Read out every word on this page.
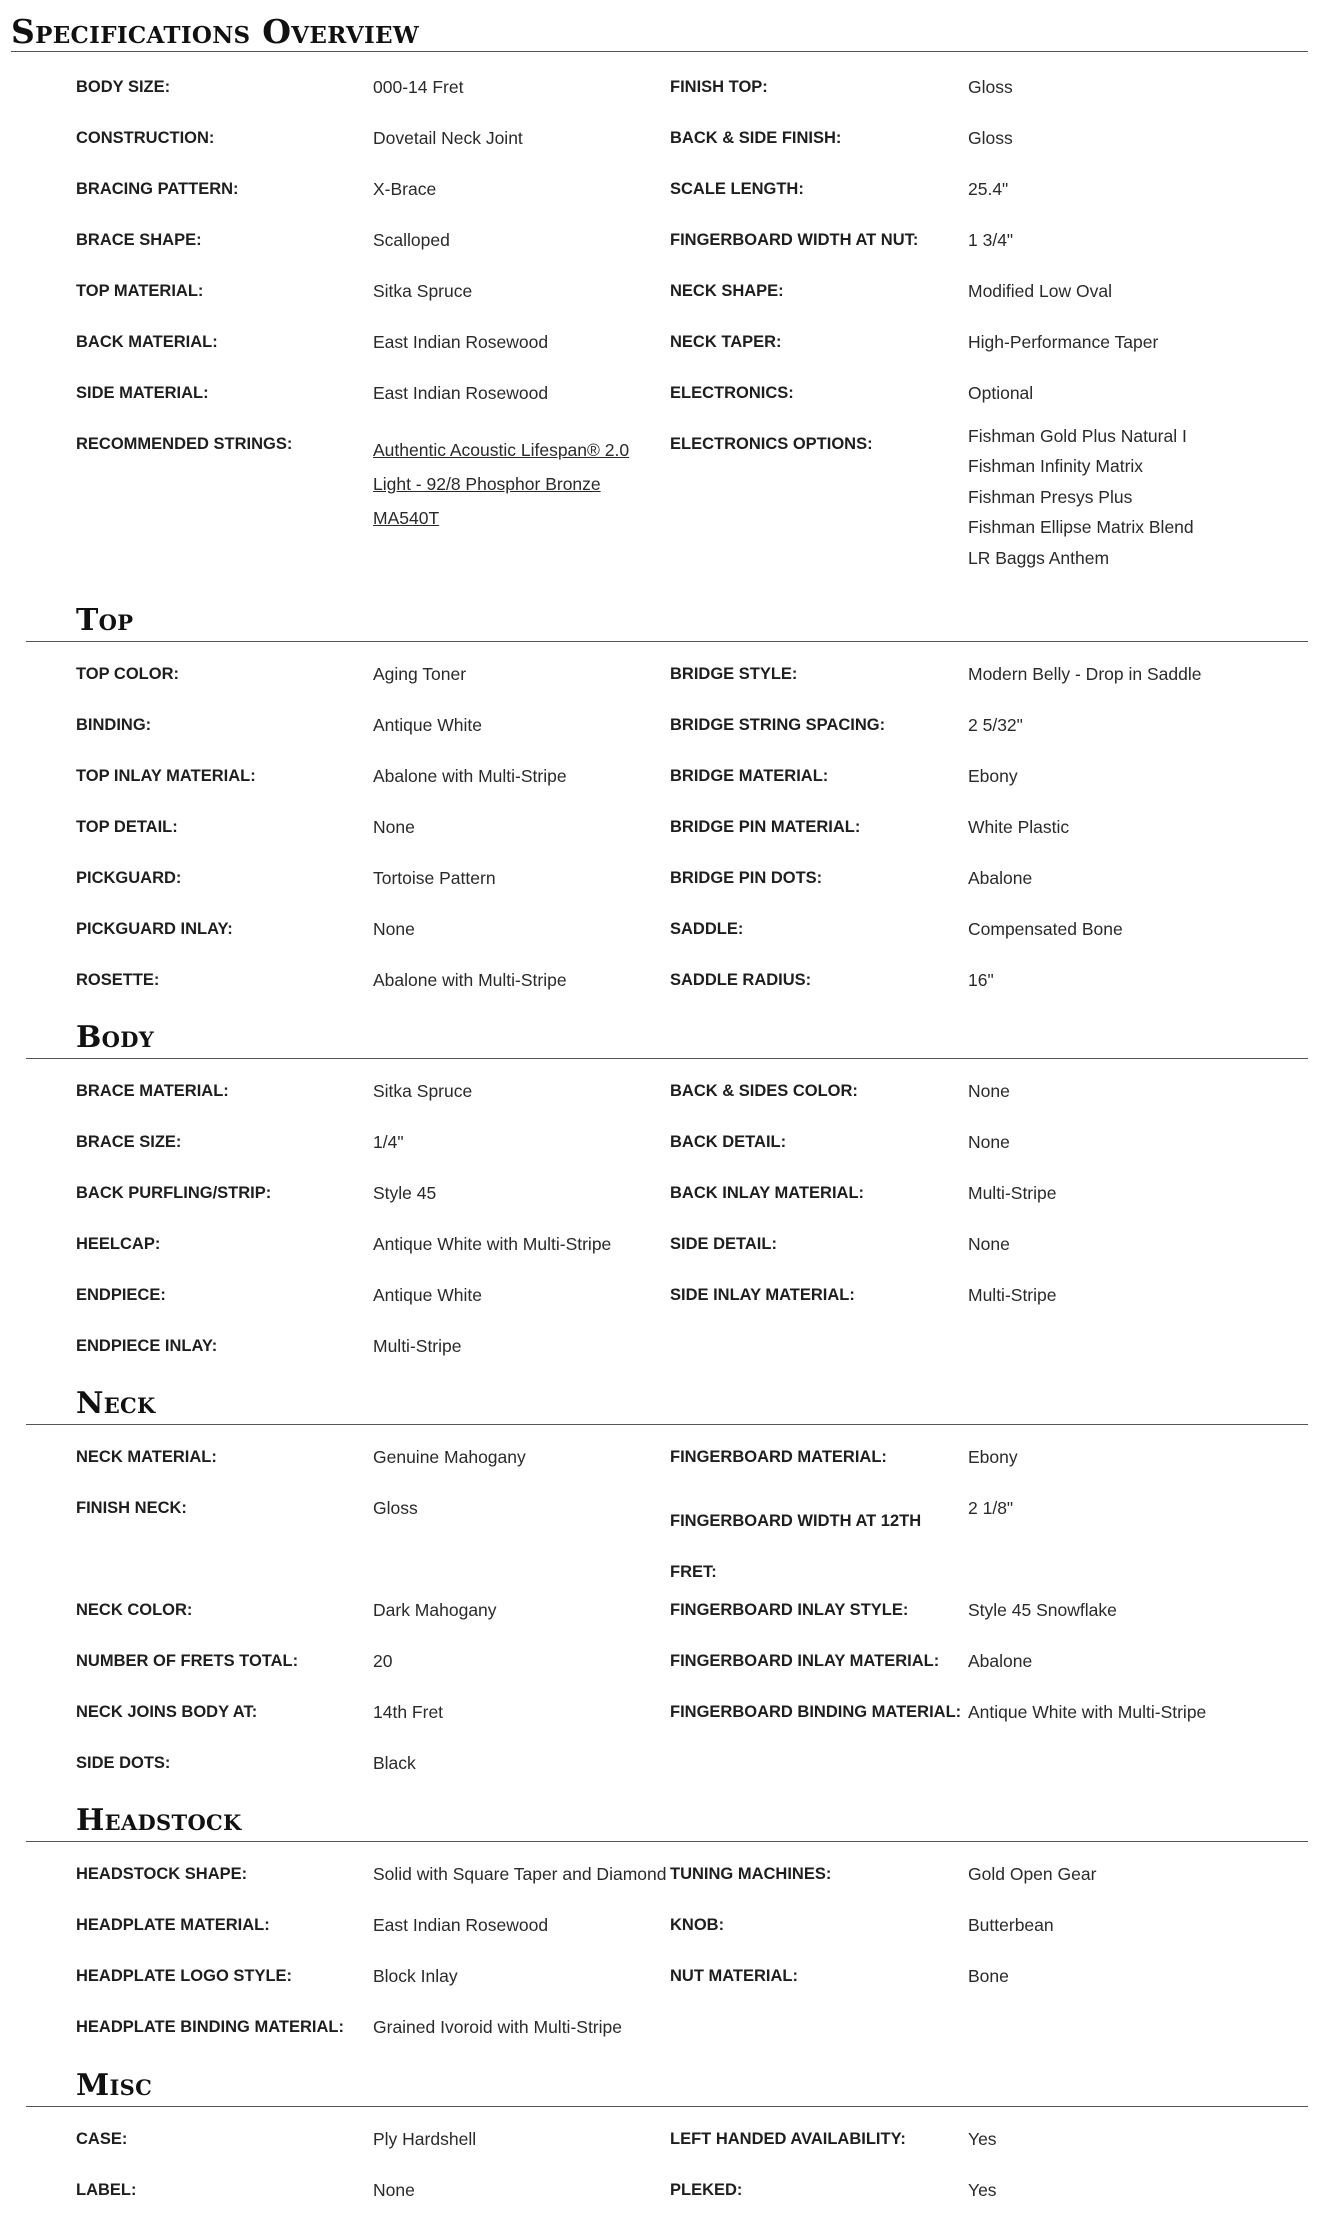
Specifications Overview
BODY SIZE:	000-14 Fret	FINISH TOP:	Gloss
CONSTRUCTION:	Dovetail Neck Joint	BACK & SIDE FINISH:	Gloss
BRACING PATTERN:	X-Brace	SCALE LENGTH:	25.4"
BRACE SHAPE:	Scalloped	FINGERBOARD WIDTH AT NUT:	1 3/4"
TOP MATERIAL:	Sitka Spruce	NECK SHAPE:	Modified Low Oval
BACK MATERIAL:	East Indian Rosewood	NECK TAPER:	High-Performance Taper
SIDE MATERIAL:	East Indian Rosewood	ELECTRONICS:	Optional
RECOMMENDED STRINGS:	Authentic Acoustic Lifespan® 2.0
Light - 92/8 Phosphor Bronze
MA540T
ELECTRONICS OPTIONS:	Fishman Gold Plus Natural I
Fishman Infinity Matrix
Fishman Presys Plus
Fishman Ellipse Matrix Blend
LR Baggs Anthem
Top
TOP COLOR:	Aging Toner	BRIDGE STYLE:	Modern Belly - Drop in Saddle
BINDING:	Antique White	BRIDGE STRING SPACING:	2 5/32"
TOP INLAY MATERIAL:	Abalone with Multi-Stripe	BRIDGE MATERIAL:	Ebony
TOP DETAIL:	None	BRIDGE PIN MATERIAL:	White Plastic
PICKGUARD:	Tortoise Pattern	BRIDGE PIN DOTS:	Abalone
PICKGUARD INLAY:	None	SADDLE:	Compensated Bone
ROSETTE:	Abalone with Multi-Stripe	SADDLE RADIUS:	16"
Body
BRACE MATERIAL:	Sitka Spruce	BACK & SIDES COLOR:	None
BRACE SIZE:	1/4"	BACK DETAIL:	None
BACK PURFLING/STRIP:	Style 45	BACK INLAY MATERIAL:	Multi-Stripe
HEELCAP:	Antique White with Multi-Stripe	SIDE DETAIL:	None
ENDPIECE:	Antique White	SIDE INLAY MATERIAL:	Multi-Stripe
ENDPIECE INLAY:	Multi-Stripe
Neck
NECK MATERIAL:	Genuine Mahogany	FINGERBOARD MATERIAL:	Ebony
FINISH NECK:	Gloss
FINGERBOARD WIDTH AT 12TH FRET:
2 1/8"
NECK COLOR:	Dark Mahogany	FINGERBOARD INLAY STYLE:	Style 45 Snowflake
NUMBER OF FRETS TOTAL:	20	FINGERBOARD INLAY MATERIAL: Abalone
NECK JOINS BODY AT:	14th Fret	FINGERBOARD BINDING MATERIAL: Antique White with Multi-Stripe
SIDE DOTS:	Black
Headstock
HEADSTOCK SHAPE:	Solid with Square Taper and Diamond TUNING MACHINES:	Gold Open Gear
HEADPLATE MATERIAL:	East Indian Rosewood	KNOB:	Butterbean
HEADPLATE LOGO STYLE:	Block Inlay	NUT MATERIAL:	Bone
HEADPLATE BINDING MATERIAL: Grained Ivoroid with Multi-Stripe
Misc
CASE:	Ply Hardshell	LEFT HANDED AVAILABILITY:	Yes
LABEL:	None	PLEKED:	Yes
